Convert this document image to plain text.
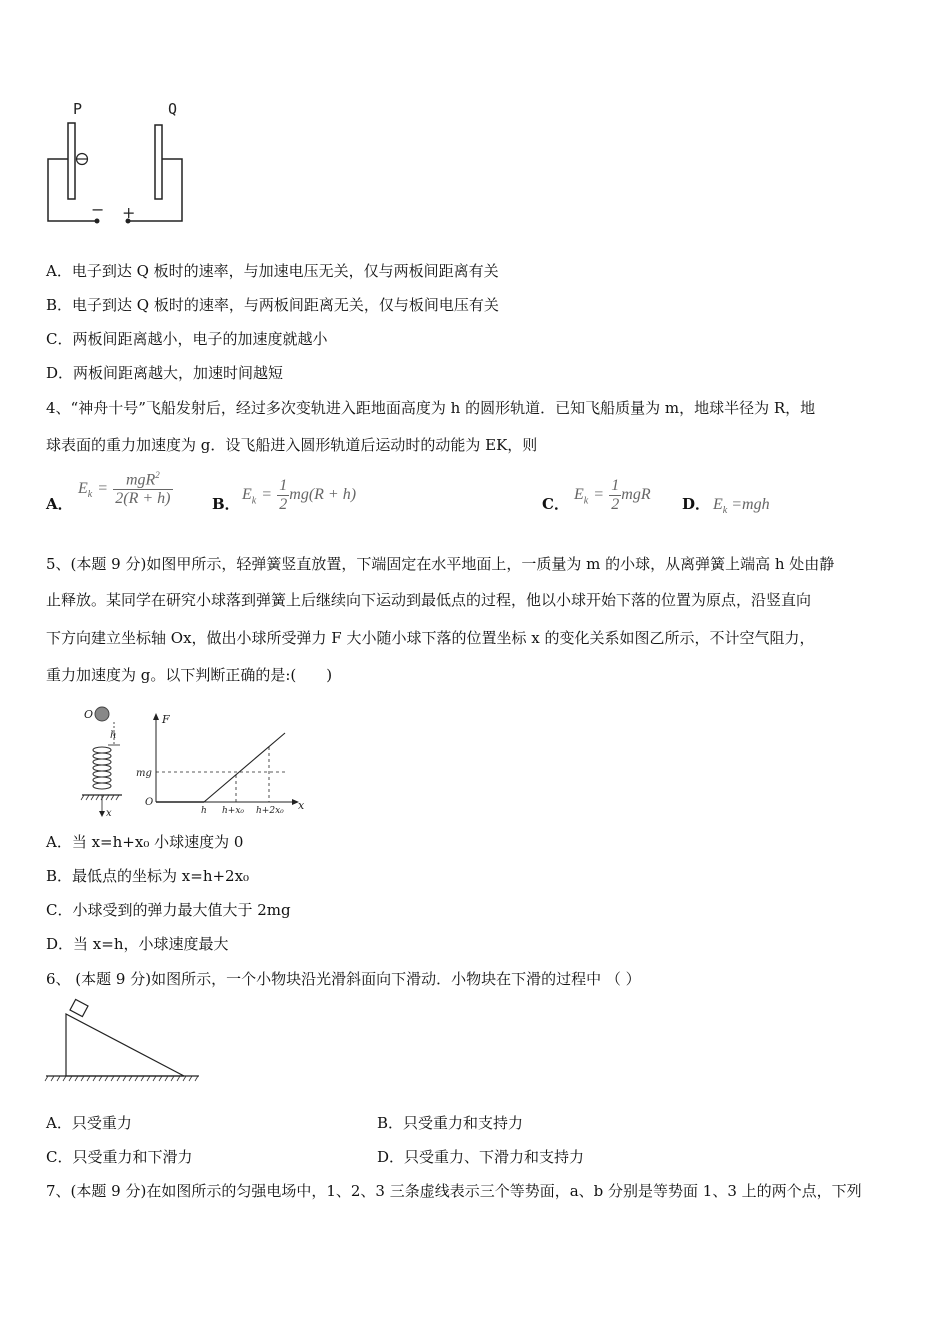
P	Q
− +
A．电子到达 Q 板时的速率，与加速电压无关，仅与两板间距离有关
B．电子到达 Q 板时的速率，与两板间距离无关，仅与板间电压有关
C．两板间距离越小，电子的加速度就越小
D．两板间距离越大，加速时间越短
4、“神舟十号”飞船发射后，经过多次变轨进入距地面高度为 h 的圆形轨道．已知飞船质量为 m，地球半径为 R，地
球表面的重力加速度为 g．设飞船进入圆形轨道后运动时的动能为 EK，则
A．
$E_k = \frac{mgR^2}{2(R + h)}$	B．
$E_k = \frac{1}{2} mg(R + h)$
C．
$E_k = \frac{1}{2}$ mgR
D． $E_k =mgh$
5、(本题 9 分)如图甲所示，轻弹簧竖直放置，下端固定在水平地面上，一质量为 m 的小球，从离弹簧上端高 h 处由静
止释放。某同学在研究小球落到弹簧上后继续向下运动到最低点的过程，他以小球开始下落的位置为原点，沿竖直向
下方向建立坐标轴 Ox，做出小球所受弹力 F 大小随小球下落的位置坐标 x 的变化关系如图乙所示，不计空气阻力，
重力加速度为 g。以下判断正确的是:(　　)
O
h
x
F
x
O
mg
h h+x₀ h+2x₀
A．当 x=h+x₀ 小球速度为 0
B．最低点的坐标为 x=h+2x₀
C．小球受到的弹力最大值大于 2mg
D．当 x=h，小球速度最大
6、 (本题 9 分)如图所示，一个小物块沿光滑斜面向下滑动．小物块在下滑的过程中 （ ）
A．只受重力	B．只受重力和支持力
C．只受重力和下滑力	D．只受重力、下滑力和支持力
7、(本题 9 分)在如图所示的匀强电场中，1、2、3 三条虚线表示三个等势面，a、b 分别是等势面 1、3 上的两个点，下列
